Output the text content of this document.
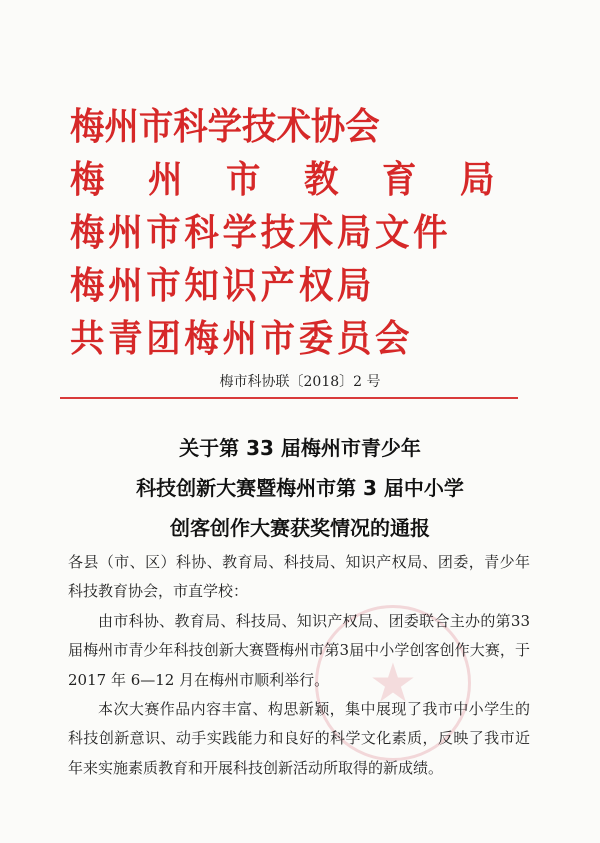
梅州市科学技术协会
梅 州 市 教 育 局
梅州市科学技术局文件
梅州市知识产权局
共青团梅州市委员会
梅市科协联〔2018〕2 号
关于第 33 届梅州市青少年
科技创新大赛暨梅州市第 3 届中小学
创客创作大赛获奖情况的通报
★

各县（市、区）科协、教育局、科技局、知识产权局、团委，青少年科技教育协会，市直学校：

由市科协、教育局、科技局、知识产权局、团委联合主办的第33届梅州市青少年科技创新大赛暨梅州市第3届中小学创客创作大赛，于 2017 年 6—12 月在梅州市顺利举行。

本次大赛作品内容丰富、构思新颖，集中展现了我市中小学生的科技创新意识、动手实践能力和良好的科学文化素质，反映了我市近年来实施素质教育和开展科技创新活动所取得的新成绩。
